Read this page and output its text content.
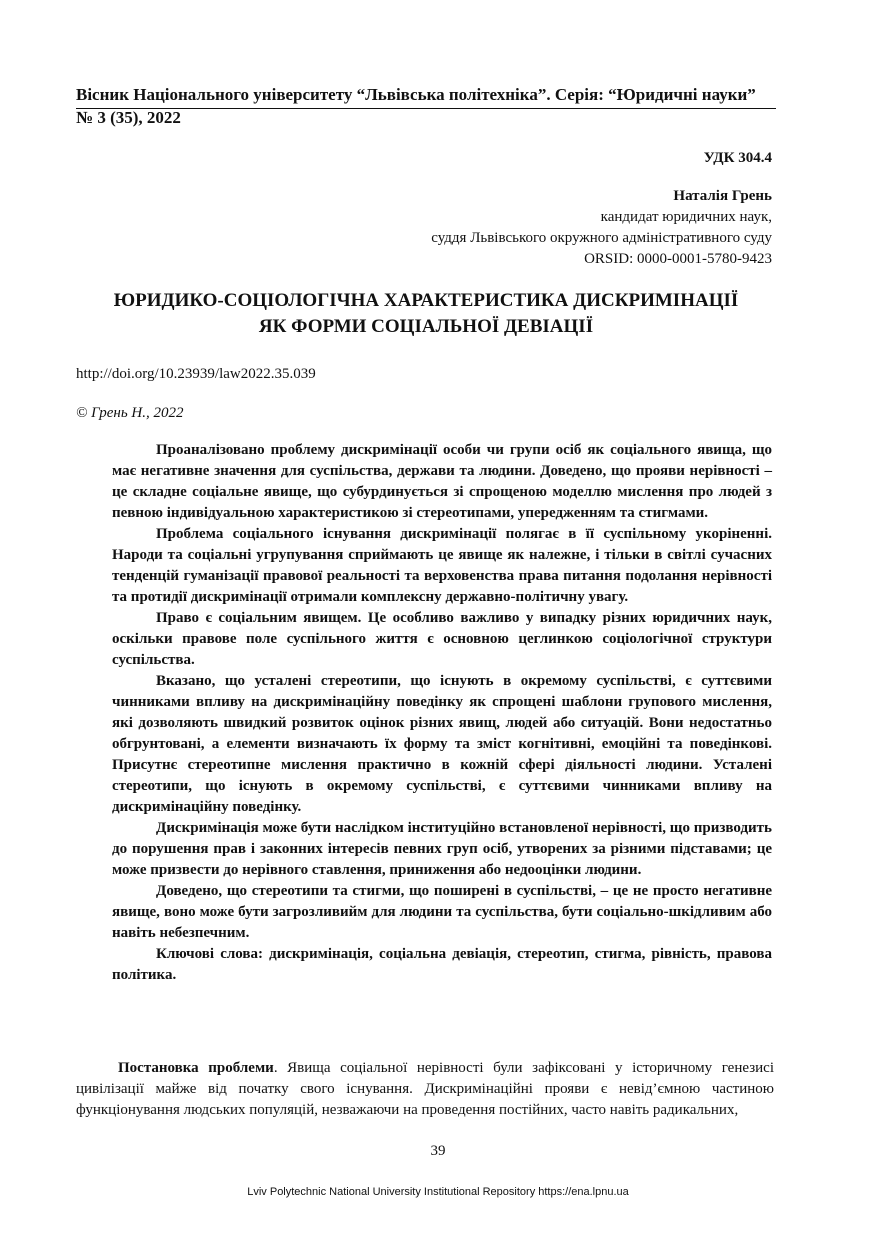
Вісник Національного університету “Львівська політехніка”. Серія: “Юридичні науки”
№ 3 (35), 2022
УДК 304.4
Наталія Грень
кандидат юридичних наук,
суддя Львівського окружного адміністративного суду
ORSID: 0000-0001-5780-9423
ЮРИДИКО-СОЦІОЛОГІЧНА ХАРАКТЕРИСТИКА ДИСКРИМІНАЦІЇ
ЯК ФОРМИ СОЦІАЛЬНОЇ ДЕВІАЦІЇ
http://doi.org/10.23939/law2022.35.039
© Грень Н., 2022

Проаналізовано проблему дискримінації особи чи групи осіб як соціального явища, що має негативне значення для суспільства, держави та людини. Доведено, що прояви нерівності – це складне соціальне явище, що субурдинується зі спрощеною моделлю мислення про людей з певною індивідуальною характеристикою зі стереотипами, упередженням та стигмами.

Проблема соціального існування дискримінації полягає в її суспільному укоріненні. Народи та соціальні угрупування сприймають це явище як належне, і тільки в світлі сучасних тенденцій гуманізації правової реальності та верховенства права питання подолання нерівності та протидії дискримінації отримали комплексну державно-політичну увагу.

Право є соціальним явищем. Це особливо важливо у випадку різних юридичних наук, оскільки правове поле суспільного життя є основною цеглинкою соціологічної структури суспільства.

Вказано, що усталені стереотипи, що існують в окремому суспільстві, є суттєвими чинниками впливу на дискримінаційну поведінку як спрощені шаблони групового мислення, які дозволяють швидкий розвиток оцінок різних явищ, людей або ситуацій. Вони недостатньо обгрунтовані, а елементи визначають їх форму та зміст когнітивні, емоційні та поведінкові. Присутнє стереотипне мислення практично в кожній сфері діяльності людини. Усталені стереотипи, що існують в окремому суспільстві, є суттєвими чинниками впливу на дискримінаційну поведінку.

Дискримінація може бути наслідком інституційно встановленої нерівності, що призводить до порушення прав і законних інтересів певних груп осіб, утворених за різними підставами; це може призвести до нерівного ставлення, приниження або недооцінки людини.

Доведено, що стереотипи та стигми, що поширені в суспільстві, – це не просто негативне явище, воно може бути загрозливийм для людини та суспільства, бути соціально-шкідливим або навіть небезпечним.

Ключові слова: дискримінація, соціальна девіація, стереотип, стигма, рівність, правова політика.

Постановка проблеми. Явища соціальної нерівності були зафіксовані у історичному генезисі цивілізації майже від початку свого існування. Дискримінаційні прояви є невід’ємною частиною функціонування людських популяцій, незважаючи на проведення постійних, часто навіть радикальних,

39
Lviv Polytechnic National University Institutional Repository https://ena.lpnu.ua
